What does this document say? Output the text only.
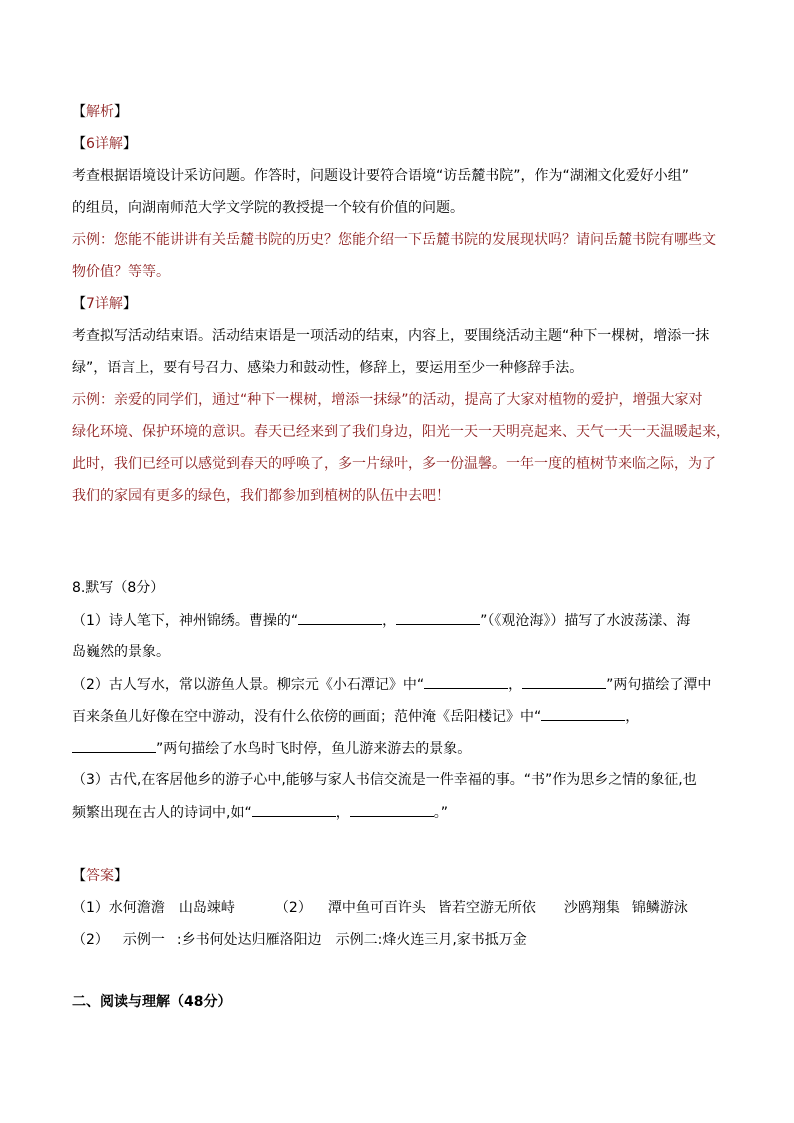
【解析】
【6详解】
考查根据语境设计采访问题。作答时，问题设计要符合语境“访岳麓书院”，作为“湖湘文化爱好小组”
的组员，向湖南师范大学文学院的教授提一个较有价值的问题。
示例：您能不能讲讲有关岳麓书院的历史？您能介绍一下岳麓书院的发展现状吗？请问岳麓书院有哪些文
物价值？等等。
【7详解】
考查拟写活动结束语。活动结束语是一项活动的结束，内容上，要围绕活动主题“种下一棵树，增添一抹
绿”，语言上，要有号召力、感染力和鼓动性，修辞上，要运用至少一种修辞手法。
示例：亲爱的同学们，通过“种下一棵树，增添一抹绿”的活动，提高了大家对植物的爱护，增强大家对
绿化环境、保护环境的意识。春天已经来到了我们身边，阳光一天一天明亮起来、天气一天一天温暖起来，
此时，我们已经可以感觉到春天的呼唤了，多一片绿叶，多一份温馨。一年一度的植树节来临之际，为了
我们的家园有更多的绿色，我们都参加到植树的队伍中去吧！
8.默写（8分）
（1）诗人笔下，神州锦绣。曹操的“	，	”（《观沧海》）描写了水波荡漾、海
岛巍然的景象。
（2）古人写水，常以游鱼人景。柳宗元《小石潭记》中“	，	”两句描绘了潭中
百来条鱼儿好像在空中游动，没有什么依傍的画面；范仲淹《岳阳楼记》中“	，
”两句描绘了水鸟时飞时停，鱼儿游来游去的景象。
（3）古代,在客居他乡的游子心中,能够与家人书信交流是一件幸福的事。“书”作为思乡之情的象征,也
频繁出现在古人的诗词中,如“	，	。”
【答案】
（1）水何澹澹 山岛竦峙	（2） 潭中鱼可百许头 皆若空游无所依 沙鸥翔集 锦鳞游泳
（2） 示例一 :乡书何处达归雁洛阳边 示例二:烽火连三月,家书抵万金
二、阅读与理解（48分）
